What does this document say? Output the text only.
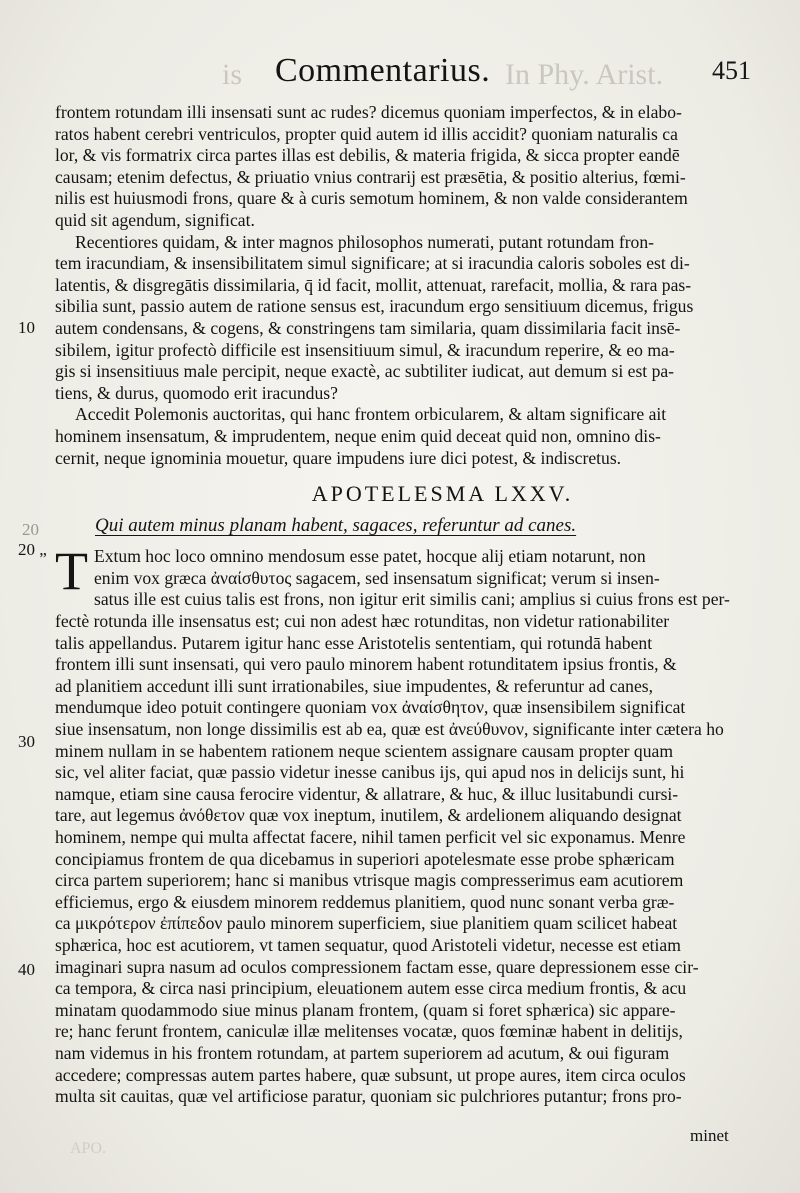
is Commentarius. In Phy. Arist. 451
10
20 „
30
40
frontem rotundam illi insensati sunt ac rudes? dicemus quoniam imperfectos, & in elabo-
ratos habent cerebri ventriculos, propter quid autem id illis accidit? quoniam naturalis ca
lor, & vis formatrix circa partes illas est debilis, & materia frigida, & sicca propter eandē
causam; etenim defectus, & priuatio vnius contrarij est præsētia, & positio alterius, fœmi-
nilis est huiusmodi frons, quare & à curis semotum hominem, & non valde considerantem
quid sit agendum, significat.
Recentiores quidam, & inter magnos philosophos numerati, putant rotundam fron-
tem iracundiam, & insensibilitatem simul significare; at si iracundia caloris soboles est di-
latentis, & disgregātis dissimilaria, q̄ id facit, mollit, attenuat, rarefacit, mollia, & rara pas-
sibilia sunt, passio autem de ratione sensus est, iracundum ergo sensitiuum dicemus, frigus
autem condensans, & cogens, & constringens tam similaria, quam dissimilaria facit insē-
sibilem, igitur profectò difficile est insensitiuum simul, & iracundum reperire, & eo ma-
gis si insensitiuus male percipit, neque exactè, ac subtiliter iudicat, aut demum si est pa-
tiens, & durus, quomodo erit iracundus?
Accedit Polemonis auctoritas, qui hanc frontem orbicularem, & altam significare ait
hominem insensatum, & imprudentem, neque enim quid deceat quid non, omnino dis-
cernit, neque ignominia mouetur, quare impudens iure dici potest, & indiscretus.
APOTELESMA LXXV.
Qui autem minus planam habent, sagaces, referuntur ad canes.
T Extum hoc loco omnino mendosum esse patet, hocque alij etiam notarunt, non
enim vox græca ἀναίσθυτος sagacem, sed insensatum significat; verum si insen-
satus ille est cuius talis est frons, non igitur erit similis cani; amplius si cuius frons est per-
fectè rotunda ille insensatus est; cui non adest hæc rotunditas, non videtur rationabiliter
talis appellandus. Putarem igitur hanc esse Aristotelis sententiam, qui rotundā habent
frontem illi sunt insensati, qui vero paulo minorem habent rotunditatem ipsius frontis, &
ad planitiem accedunt illi sunt irrationabiles, siue impudentes, & referuntur ad canes,
mendumque ideo potuit contingere quoniam vox ἀναίσθητον, quæ insensibilem significat
siue insensatum, non longe dissimilis est ab ea, quæ est ἀνεύθυνον, significante inter cætera ho
minem nullam in se habentem rationem neque scientem assignare causam propter quam
sic, vel aliter faciat, quæ passio videtur inesse canibus ijs, qui apud nos in delicijs sunt, hi
namque, etiam sine causa ferocire videntur, & allatrare, & huc, & illuc lusitabundi cursi-
tare, aut legemus ἀνόθετον quæ vox ineptum, inutilem, & ardelionem aliquando designat
hominem, nempe qui multa affectat facere, nihil tamen perficit vel sic exponamus. Menre
concipiamus frontem de qua dicebamus in superiori apotelesmate esse probe sphæricam
circa partem superiorem; hanc si manibus vtrisque magis compresserimus eam acutiorem
efficiemus, ergo & eiusdem minorem reddemus planitiem, quod nunc sonant verba græ-
ca μικρότερον ἐπίπεδον paulo minorem superficiem, siue planitiem quam scilicet habeat
sphærica, hoc est acutiorem, vt tamen sequatur, quod Aristoteli videtur, necesse est etiam
imaginari supra nasum ad oculos compressionem factam esse, quare depressionem esse cir-
ca tempora, & circa nasi principium, eleuationem autem esse circa medium frontis, & acu
minatam quodammodo siue minus planam frontem, (quam si foret sphærica) sic appare-
re; hanc ferunt frontem, caniculæ illæ melitenses vocatæ, quos fœminæ habent in delitijs,
nam videmus in his frontem rotundam, at partem superiorem ad acutum, & oui figuram
accedere; compressas autem partes habere, quæ subsunt, ut prope aures, item circa oculos
multa sit cauitas, quæ vel artificiose paratur, quoniam sic pulchriores putantur; frons pro-
20
minet
APO.
